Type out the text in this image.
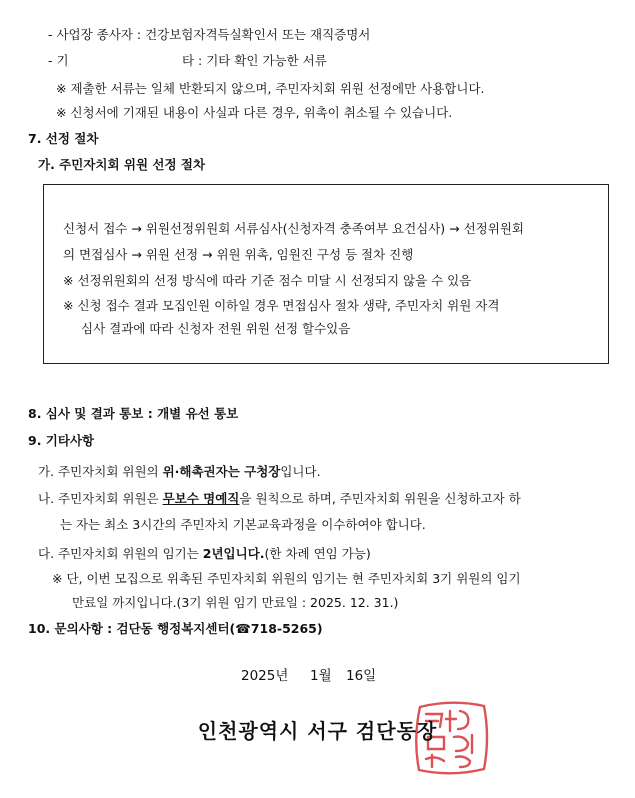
- 사업장 종사자 : 건강보험자격득실확인서 또는 재직증명서
- 기	타 : 기타 확인 가능한 서류
※ 제출한 서류는 일체 반환되지 않으며, 주민자치회 위원 선정에만 사용합니다.
※ 신청서에 기재된 내용이 사실과 다른 경우, 위촉이 취소될 수 있습니다.
7. 선정 절차
가. 주민자치회 위원 선정 절차
신청서 접수 → 위원선정위원회 서류심사(신청자격 충족여부 요건심사) → 선정위원회
의 면접심사 → 위원 선정 → 위원 위촉, 임원진 구성 등 절차 진행
※ 선정위원회의 선정 방식에 따라 기준 점수 미달 시 선정되지 않을 수 있음
※ 신청 접수 결과 모집인원 이하일 경우 면접심사 절차 생략, 주민자치 위원 자격
심사 결과에 따라 신청자 전원 위원 선정 할수있음
8. 심사 및 결과 통보 : 개별 유선 통보
9. 기타사항
가. 주민자치회 위원의 위·해촉권자는 구청장입니다.
나. 주민자치회 위원은 무보수 명예직을 원칙으로 하며, 주민자치회 위원을 신청하고자 하
는 자는 최소 3시간의 주민자치 기본교육과정을 이수하여야 합니다.
다. 주민자치회 위원의 임기는 2년입니다.(한 차례 연임 가능)
※ 단, 이번 모집으로 위촉된 주민자치회 위원의 임기는 현 주민자치회 3기 위원의 임기
만료일 까지입니다.(3기 위원 임기 만료일 : 2025. 12. 31.)
10. 문의사항 : 검단동 행정복지센터(☎718-5265)
2025년 1월 16일
인천광역시 서구 검단동장
